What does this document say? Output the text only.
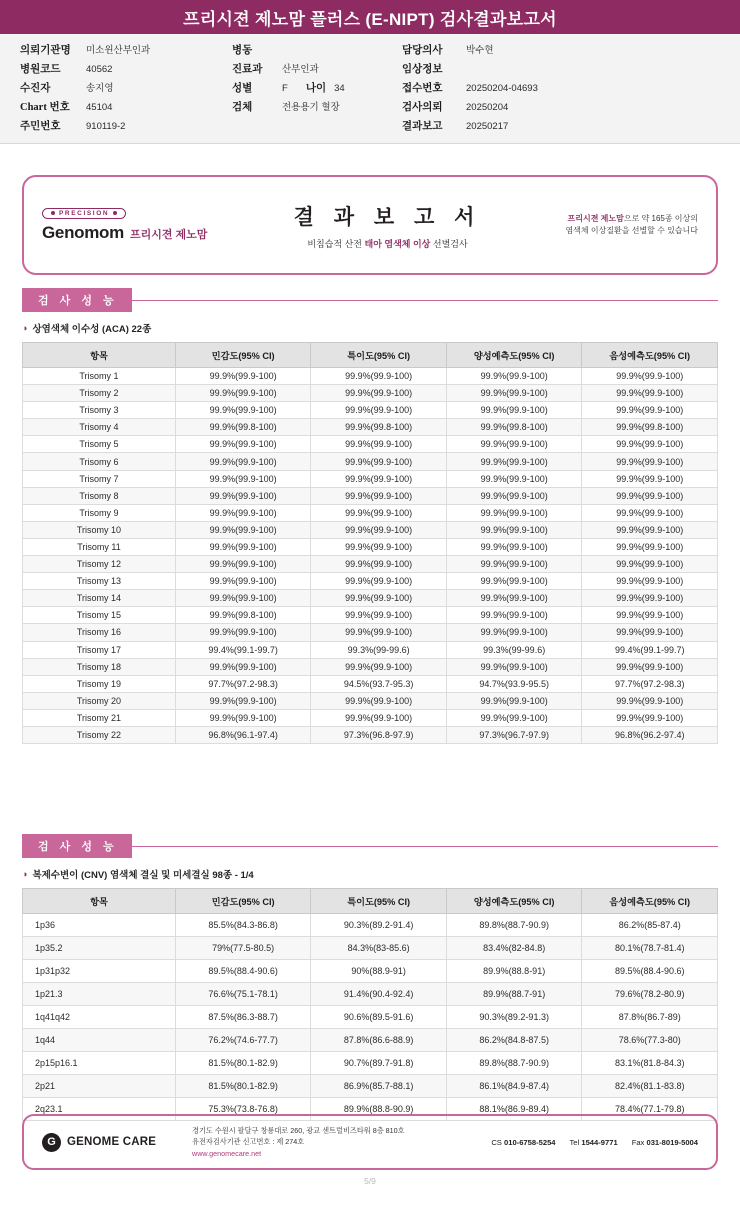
프리시젼 제노맘 플러스 (E-NIPT) 검사결과보고서
의뢰기관명	미소윈산부인과
병원코드	40562
수진자	송지영
Chart 번호	45104
주민번호	910119-2
병동
진료과	산부인과
성별	F 나이 34
검체	전용용기 혈장
담당의사	박수현
임상정보
접수번호	20250204-04693
검사의뢰	20250204
결과보고	20250217
PRECISION
Genomom 프리시젼 제노맘
결 과 보 고 서
비침습적 산전 태아 염색체 이상 선별검사
프리시젼 제노맘으로 약 165종 이상의
염색체 이상질환을 선별할 수 있습니다
검 사 성 능
◑ 상염색체 이수성 (ACA) 22종
항목	민감도(95% CI)	특이도(95% CI)	양성예측도(95% CI)	음성예측도(95% CI)
Trisomy 1	99.9%(99.9-100)	99.9%(99.9-100)	99.9%(99.9-100)	99.9%(99.9-100)
Trisomy 2	99.9%(99.9-100)	99.9%(99.9-100)	99.9%(99.9-100)	99.9%(99.9-100)
Trisomy 3	99.9%(99.9-100)	99.9%(99.9-100)	99.9%(99.9-100)	99.9%(99.9-100)
Trisomy 4	99.9%(99.8-100)	99.9%(99.8-100)	99.9%(99.8-100)	99.9%(99.8-100)
Trisomy 5	99.9%(99.9-100)	99.9%(99.9-100)	99.9%(99.9-100)	99.9%(99.9-100)
Trisomy 6	99.9%(99.9-100)	99.9%(99.9-100)	99.9%(99.9-100)	99.9%(99.9-100)
Trisomy 7	99.9%(99.9-100)	99.9%(99.9-100)	99.9%(99.9-100)	99.9%(99.9-100)
Trisomy 8	99.9%(99.9-100)	99.9%(99.9-100)	99.9%(99.9-100)	99.9%(99.9-100)
Trisomy 9	99.9%(99.9-100)	99.9%(99.9-100)	99.9%(99.9-100)	99.9%(99.9-100)
Trisomy 10	99.9%(99.9-100)	99.9%(99.9-100)	99.9%(99.9-100)	99.9%(99.9-100)
Trisomy 11	99.9%(99.9-100)	99.9%(99.9-100)	99.9%(99.9-100)	99.9%(99.9-100)
Trisomy 12	99.9%(99.9-100)	99.9%(99.9-100)	99.9%(99.9-100)	99.9%(99.9-100)
Trisomy 13	99.9%(99.9-100)	99.9%(99.9-100)	99.9%(99.9-100)	99.9%(99.9-100)
Trisomy 14	99.9%(99.9-100)	99.9%(99.9-100)	99.9%(99.9-100)	99.9%(99.9-100)
Trisomy 15	99.9%(99.8-100)	99.9%(99.9-100)	99.9%(99.9-100)	99.9%(99.9-100)
Trisomy 16	99.9%(99.9-100)	99.9%(99.9-100)	99.9%(99.9-100)	99.9%(99.9-100)
Trisomy 17	99.4%(99.1-99.7)	99.3%(99-99.6)	99.3%(99-99.6)	99.4%(99.1-99.7)
Trisomy 18	99.9%(99.9-100)	99.9%(99.9-100)	99.9%(99.9-100)	99.9%(99.9-100)
Trisomy 19	97.7%(97.2-98.3)	94.5%(93.7-95.3)	94.7%(93.9-95.5)	97.7%(97.2-98.3)
Trisomy 20	99.9%(99.9-100)	99.9%(99.9-100)	99.9%(99.9-100)	99.9%(99.9-100)
Trisomy 21	99.9%(99.9-100)	99.9%(99.9-100)	99.9%(99.9-100)	99.9%(99.9-100)
Trisomy 22	96.8%(96.1-97.4)	97.3%(96.8-97.9)	97.3%(96.7-97.9)	96.8%(96.2-97.4)
검 사 성 능
◑ 복제수변이 (CNV) 염색체 결실 및 미세결실 98종 - 1/4
항목	민감도(95% CI)	특이도(95% CI)	양성예측도(95% CI)	음성예측도(95% CI)
1p36	85.5%(84.3-86.8)	90.3%(89.2-91.4)	89.8%(88.7-90.9)	86.2%(85-87.4)
1p35.2	79%(77.5-80.5)	84.3%(83-85.6)	83.4%(82-84.8)	80.1%(78.7-81.4)
1p31p32	89.5%(88.4-90.6)	90%(88.9-91)	89.9%(88.8-91)	89.5%(88.4-90.6)
1p21.3	76.6%(75.1-78.1)	91.4%(90.4-92.4)	89.9%(88.7-91)	79.6%(78.2-80.9)
1q41q42	87.5%(86.3-88.7)	90.6%(89.5-91.6)	90.3%(89.2-91.3)	87.8%(86.7-89)
1q44	76.2%(74.6-77.7)	87.8%(86.6-88.9)	86.2%(84.8-87.5)	78.6%(77.3-80)
2p15p16.1	81.5%(80.1-82.9)	90.7%(89.7-91.8)	89.8%(88.7-90.9)	83.1%(81.8-84.3)
2p21	81.5%(80.1-82.9)	86.9%(85.7-88.1)	86.1%(84.9-87.4)	82.4%(81.1-83.8)
2q23.1	75.3%(73.8-76.8)	89.9%(88.8-90.9)	88.1%(86.9-89.4)	78.4%(77.1-79.8)
G GENOME CARE
경기도 수원시 팔달구 창룡대로 260, 광교 센트럴비즈타워 8층 810호
유전자검사기관 신고번호 : 제 274호
www.genomecare.net
CS 010-6758-5254 Tel 1544-9771 Fax 031-8019-5004
5/9
